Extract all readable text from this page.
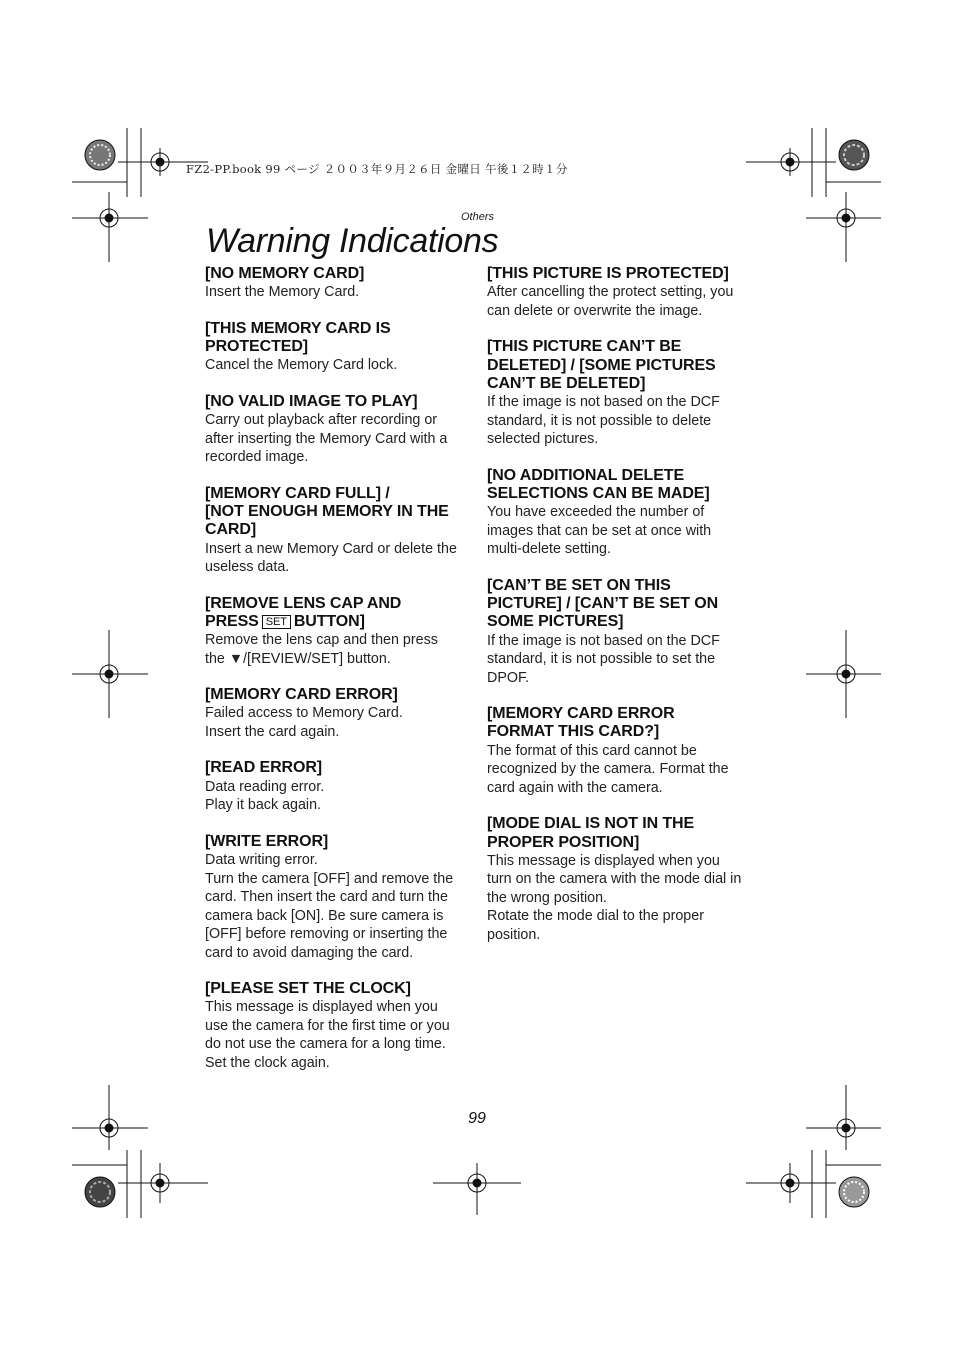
FZ2-PP.book 99 ページ ２００３年９月２６日 金曜日 午後１２時１分
Others
Warning Indications
[NO MEMORY CARD]
Insert the Memory Card.
[THIS MEMORY CARD IS
PROTECTED]
Cancel the Memory Card lock.
[NO VALID IMAGE TO PLAY]
Carry out playback after recording or
after inserting the Memory Card with a
recorded image.
[MEMORY CARD FULL] /
[NOT ENOUGH MEMORY IN THE
CARD]
Insert a new Memory Card or delete the
useless data.
[REMOVE LENS CAP AND
PRESS SET BUTTON]
Remove the lens cap and then press
the ▼/[REVIEW/SET] button.
[MEMORY CARD ERROR]
Failed access to Memory Card.
Insert the card again.
[READ ERROR]
Data reading error.
Play it back again.
[WRITE ERROR]
Data writing error.
Turn the camera [OFF] and remove the
card. Then insert the card and turn the
camera back [ON]. Be sure camera is
[OFF] before removing or inserting the
card to avoid damaging the card.
[PLEASE SET THE CLOCK]
This message is displayed when you
use the camera for the first time or you
do not use the camera for a long time.
Set the clock again.
[THIS PICTURE IS PROTECTED]
After cancelling the protect setting, you
can delete or overwrite the image.
[THIS PICTURE CAN’T BE
DELETED] / [SOME PICTURES
CAN’T BE DELETED]
If the image is not based on the DCF
standard, it is not possible to delete
selected pictures.
[NO ADDITIONAL DELETE
SELECTIONS CAN BE MADE]
You have exceeded the number of
images that can be set at once with
multi-delete setting.
[CAN’T BE SET ON THIS
PICTURE] / [CAN’T BE SET ON
SOME PICTURES]
If the image is not based on the DCF
standard, it is not possible to set the
DPOF.
[MEMORY CARD ERROR
FORMAT THIS CARD?]
The format of this card cannot be
recognized by the camera. Format the
card again with the camera.
[MODE DIAL IS NOT IN THE
PROPER POSITION]
This message is displayed when you
turn on the camera with the mode dial in
the wrong position.
Rotate the mode dial to the proper
position.
99
